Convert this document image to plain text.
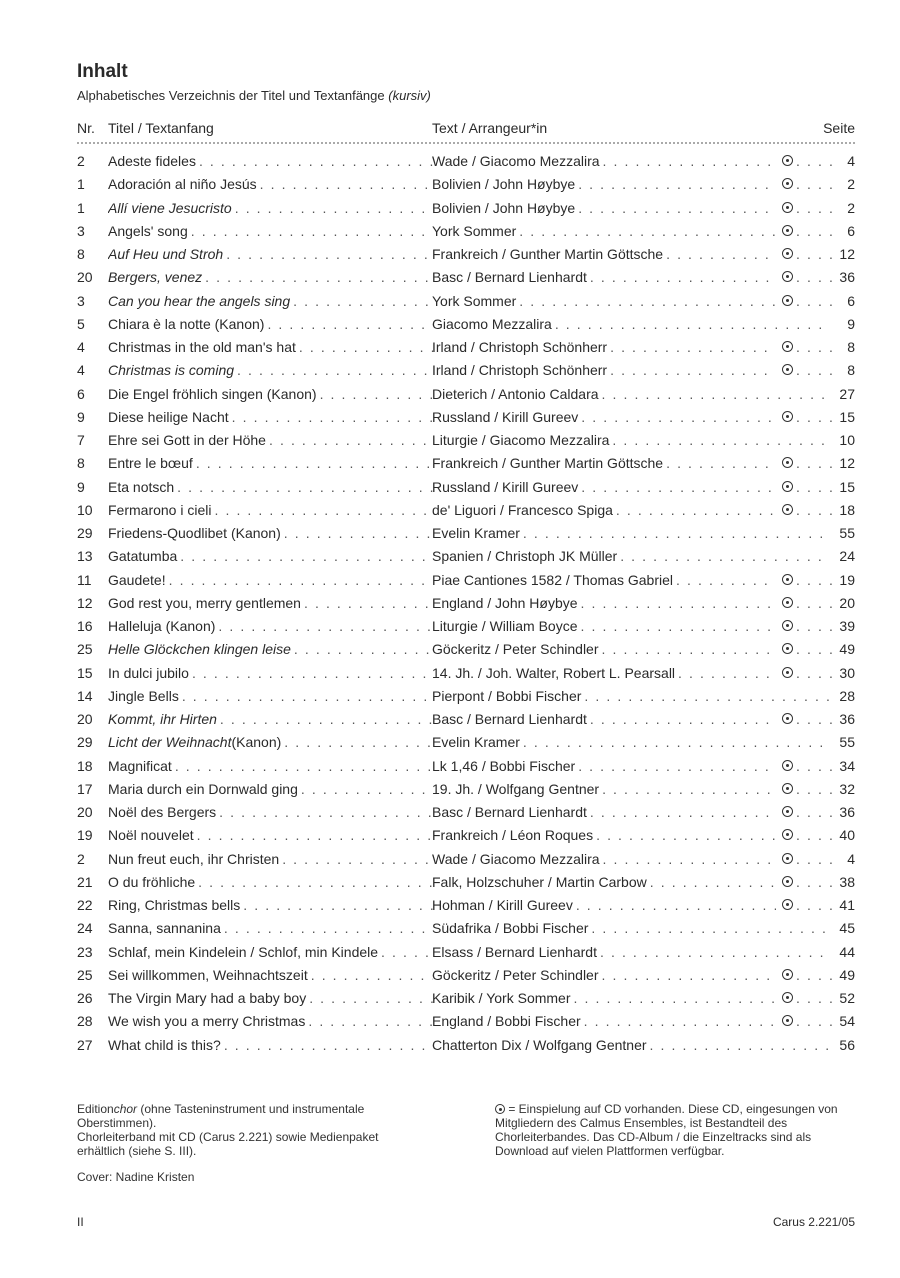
Inhalt
Alphabetisches Verzeichnis der Titel und Textanfänge (kursiv)
Nr. Titel / Textanfang	Text / Arrangeur*in	Seite
2	Adeste fideles . . .	Wade / Giacomo Mezzalira . . . . . .	4
1	Adoración al niño Jesús . . .	Bolivien / John Høybye . . . . . .	2
1	Allí viene Jesucristo . . .	Bolivien / John Høybye . . . . . .	2
3	Angels' song . . .	York Sommer . . . . . .	6
8	Auf Heu und Stroh . . .	Frankreich / Gunther Martin Göttsche . . . . . .	12
20	Bergers, venez . . .	Basc / Bernard Lienhardt . . . . . .	36
3	Can you hear the angels sing . . .	York Sommer . . . . . .	6
5	Chiara è la notte (Kanon) . . .	Giacomo Mezzalira . . .	9
4	Christmas in the old man's hat . . .	Irland / Christoph Schönherr . . . . . .	8
4	Christmas is coming . . .	Irland / Christoph Schönherr . . . . . .	8
6	Die Engel fröhlich singen (Kanon) . . .	Dieterich / Antonio Caldara . . .	27
9	Diese heilige Nacht . . .	Russland / Kirill Gureev . . . . . .	15
7	Ehre sei Gott in der Höhe . . .	Liturgie / Giacomo Mezzalira . . .	10
8	Entre le bœuf . . .	Frankreich / Gunther Martin Göttsche . . . . . .	12
9	Eta notsch . . .	Russland / Kirill Gureev . . . . . .	15
10	Fermarono i cieli . . .	de' Liguori / Francesco Spiga . . . . . .	18
29	Friedens-Quodlibet (Kanon) . . .	Evelin Kramer . . .	55
13	Gatatumba . . .	Spanien / Christoph JK Müller . . .	24
11	Gaudete! . . .	Piae Cantiones 1582 / Thomas Gabriel . . . . . .	19
12	God rest you, merry gentlemen . . .	England / John Høybye . . . . . .	20
16	Halleluja (Kanon) . . .	Liturgie / William Boyce . . . . . .	39
25	Helle Glöckchen klingen leise . . .	Göckeritz / Peter Schindler . . . . . .	49
15	In dulci jubilo . . .	14. Jh. / Joh. Walter, Robert L. Pearsall . . . . . .	30
14	Jingle Bells . . .	Pierpont / Bobbi Fischer . . .	28
20	Kommt, ihr Hirten . . .	Basc / Bernard Lienhardt . . . . . .	36
29	Licht der Weihnacht (Kanon) . . .	Evelin Kramer . . .	55
18	Magnificat . . .	Lk 1,46 / Bobbi Fischer . . . . . .	34
17	Maria durch ein Dornwald ging . . .	19. Jh. / Wolfgang Gentner . . . . . .	32
20	Noël des Bergers . . .	Basc / Bernard Lienhardt . . . . . .	36
19	Noël nouvelet . . .	Frankreich / Léon Roques . . . . . .	40
2	Nun freut euch, ihr Christen . . .	Wade / Giacomo Mezzalira . . . . . .	4
21	O du fröhliche . . .	Falk, Holzschuher / Martin Carbow . . . . . .	38
22	Ring, Christmas bells . . .	Hohman / Kirill Gureev . . . . . .	41
24	Sanna, sannanina . . .	Südafrika / Bobbi Fischer . . .	45
23	Schlaf, mein Kindelein / Schlof, min Kindele . . .	Elsass / Bernard Lienhardt . . .	44
25	Sei willkommen, Weihnachtszeit . . .	Göckeritz / Peter Schindler . . . . . .	49
26	The Virgin Mary had a baby boy . . .	Karibik / York Sommer . . . . . .	52
28	We wish you a merry Christmas . . .	England / Bobbi Fischer . . . . . .	54
27	What child is this? . . .	Chatterton Dix / Wolfgang Gentner . . .	56

Editionchor (ohne Tasteninstrument und instrumentale Oberstimmen).

Chorleiterband mit CD (Carus 2.221) sowie Medienpaket erhältlich (siehe S. III).

Cover: Nadine Kristen

= Einspielung auf CD vorhanden. Diese CD, eingesungen von Mitgliedern des Calmus Ensembles, ist Bestandteil des Chorleiterbandes. Das CD-Album / die Einzeltracks sind als Download auf vielen Plattformen verfügbar.

II	Carus 2.221/05
